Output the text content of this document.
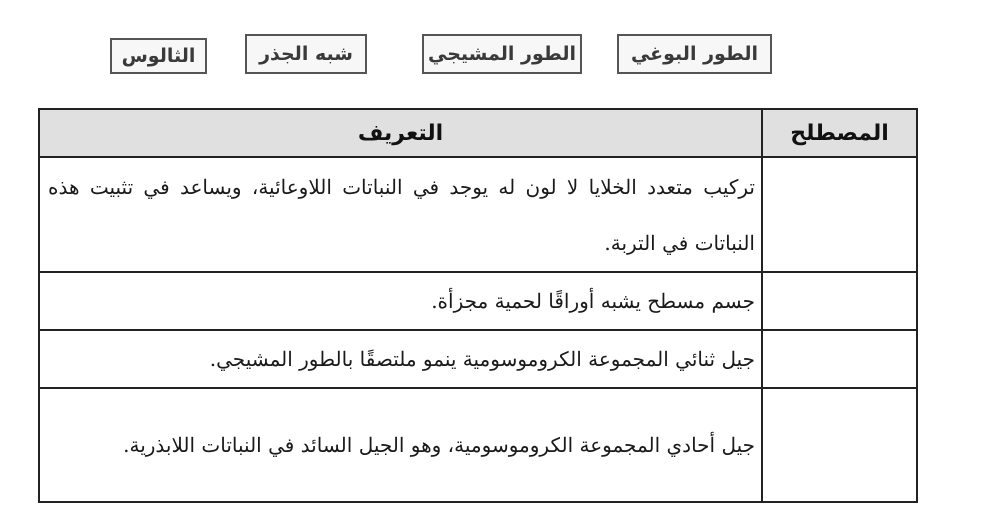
الطور البوغي
الطور المشيجي
شبه الجذر
الثالوس
المصطلح	التعريف
	تركيب متعدد الخلايا لا لون له يوجد في النباتات اللاوعائية، ويساعد في تثبيت هذه النباتات في التربة.
	جسم مسطح يشبه أوراقًا لحمية مجزأة.
	جيل ثنائي المجموعة الكروموسومية ينمو ملتصقًا بالطور المشيجي.
	جيل أحادي المجموعة الكروموسومية، وهو الجيل السائد في النباتات اللابذرية.
